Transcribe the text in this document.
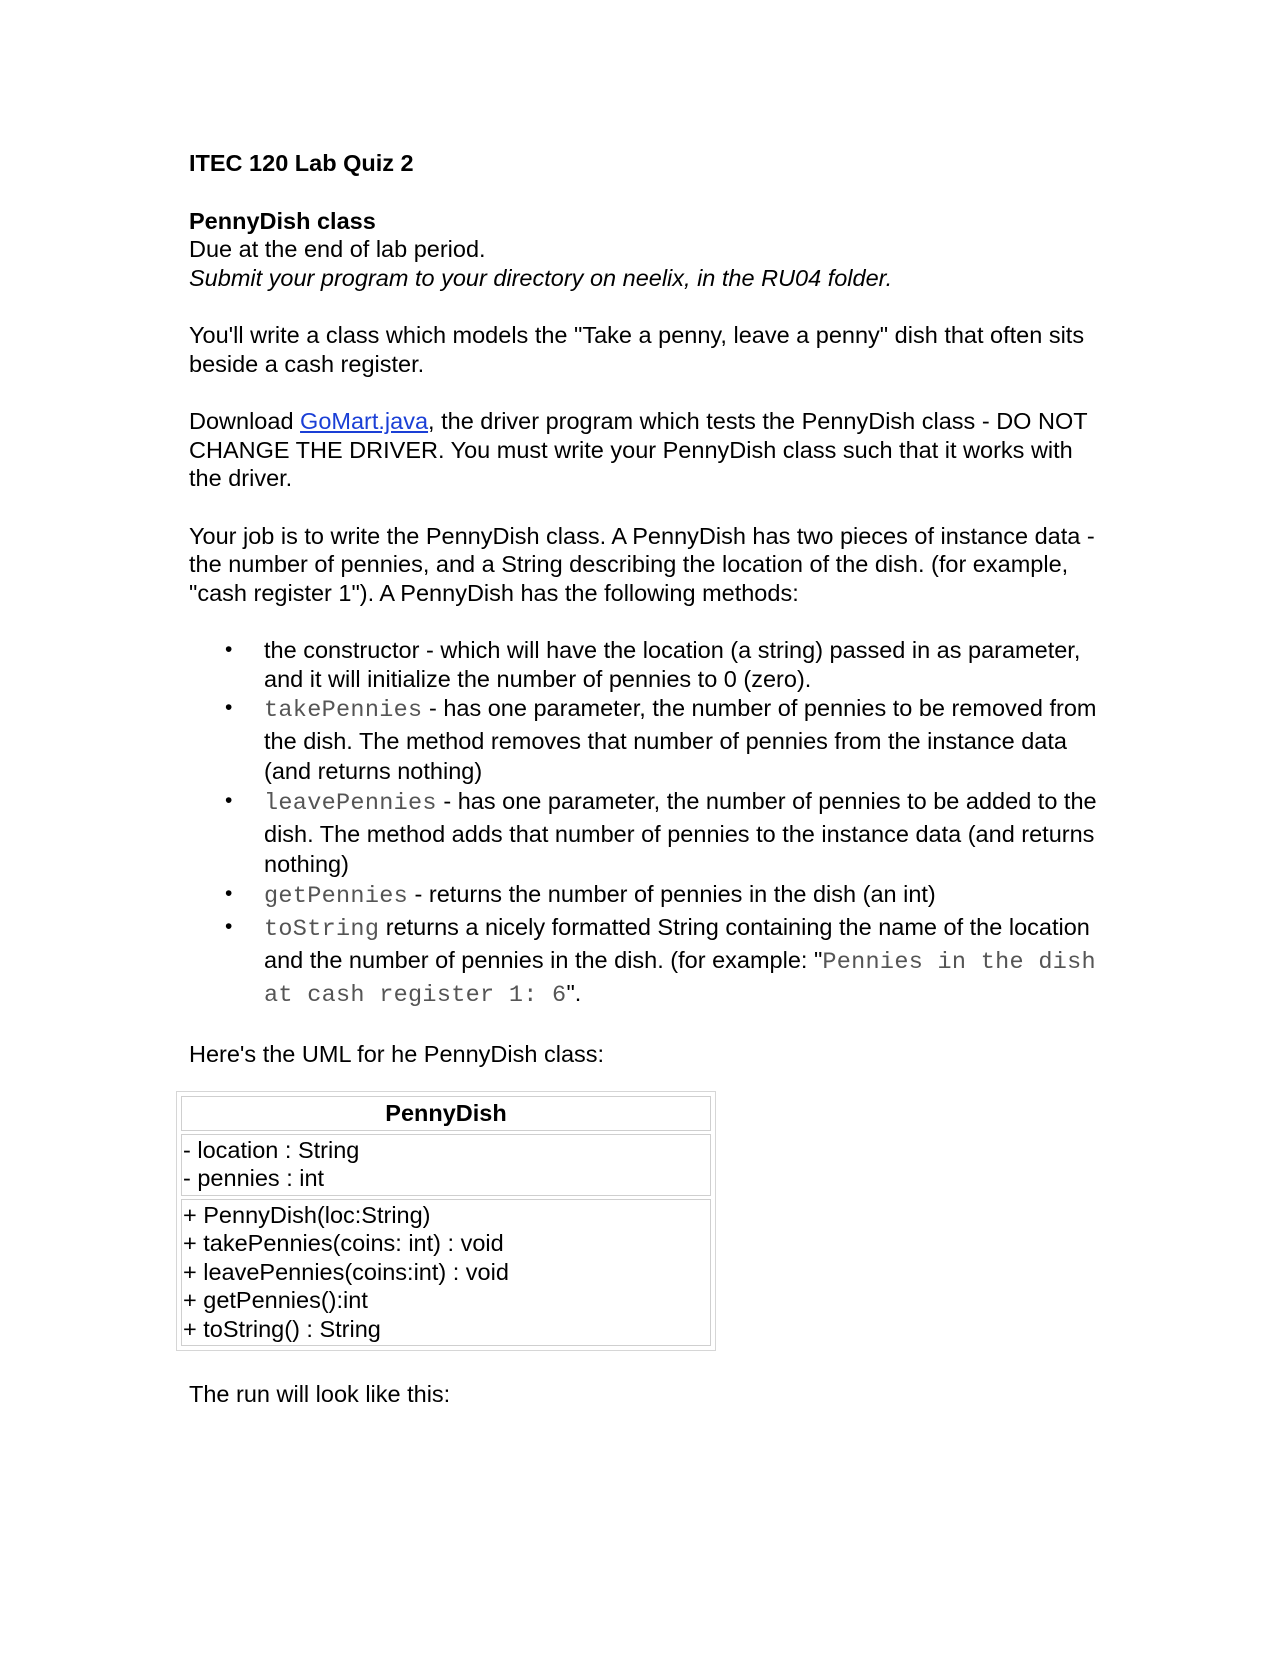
ITEC 120 Lab Quiz 2

PennyDish class

Due at the end of lab period.

Submit your program to your directory on neelix, in the RU04 folder.

You'll write a class which models the "Take a penny, leave a penny" dish that often sits beside a cash register.

Download GoMart.java, the driver program which tests the PennyDish class - DO NOT CHANGE THE DRIVER. You must write your PennyDish class such that it works with the driver.

Your job is to write the PennyDish class. A PennyDish has two pieces of instance data - the number of pennies, and a String describing the location of the dish. (for example, "cash register 1"). A PennyDish has the following methods:

• the constructor - which will have the location (a string) passed in as parameter, and it will initialize the number of pennies to 0 (zero).
• takePennies - has one parameter, the number of pennies to be removed from the dish. The method removes that number of pennies from the instance data (and returns nothing)
• leavePennies - has one parameter, the number of pennies to be added to the dish. The method adds that number of pennies to the instance data (and returns nothing)
• getPennies - returns the number of pennies in the dish (an int)
• toString returns a nicely formatted String containing the name of the location and the number of pennies in the dish. (for example: "Pennies in the dish at cash register 1: 6".

Here's the UML for he PennyDish class:

PennyDish
- location : String
- pennies : int
+ PennyDish(loc:String)
+ takePennies(coins: int) : void
+ leavePennies(coins:int) : void
+ getPennies():int
+ toString() : String

The run will look like this:
